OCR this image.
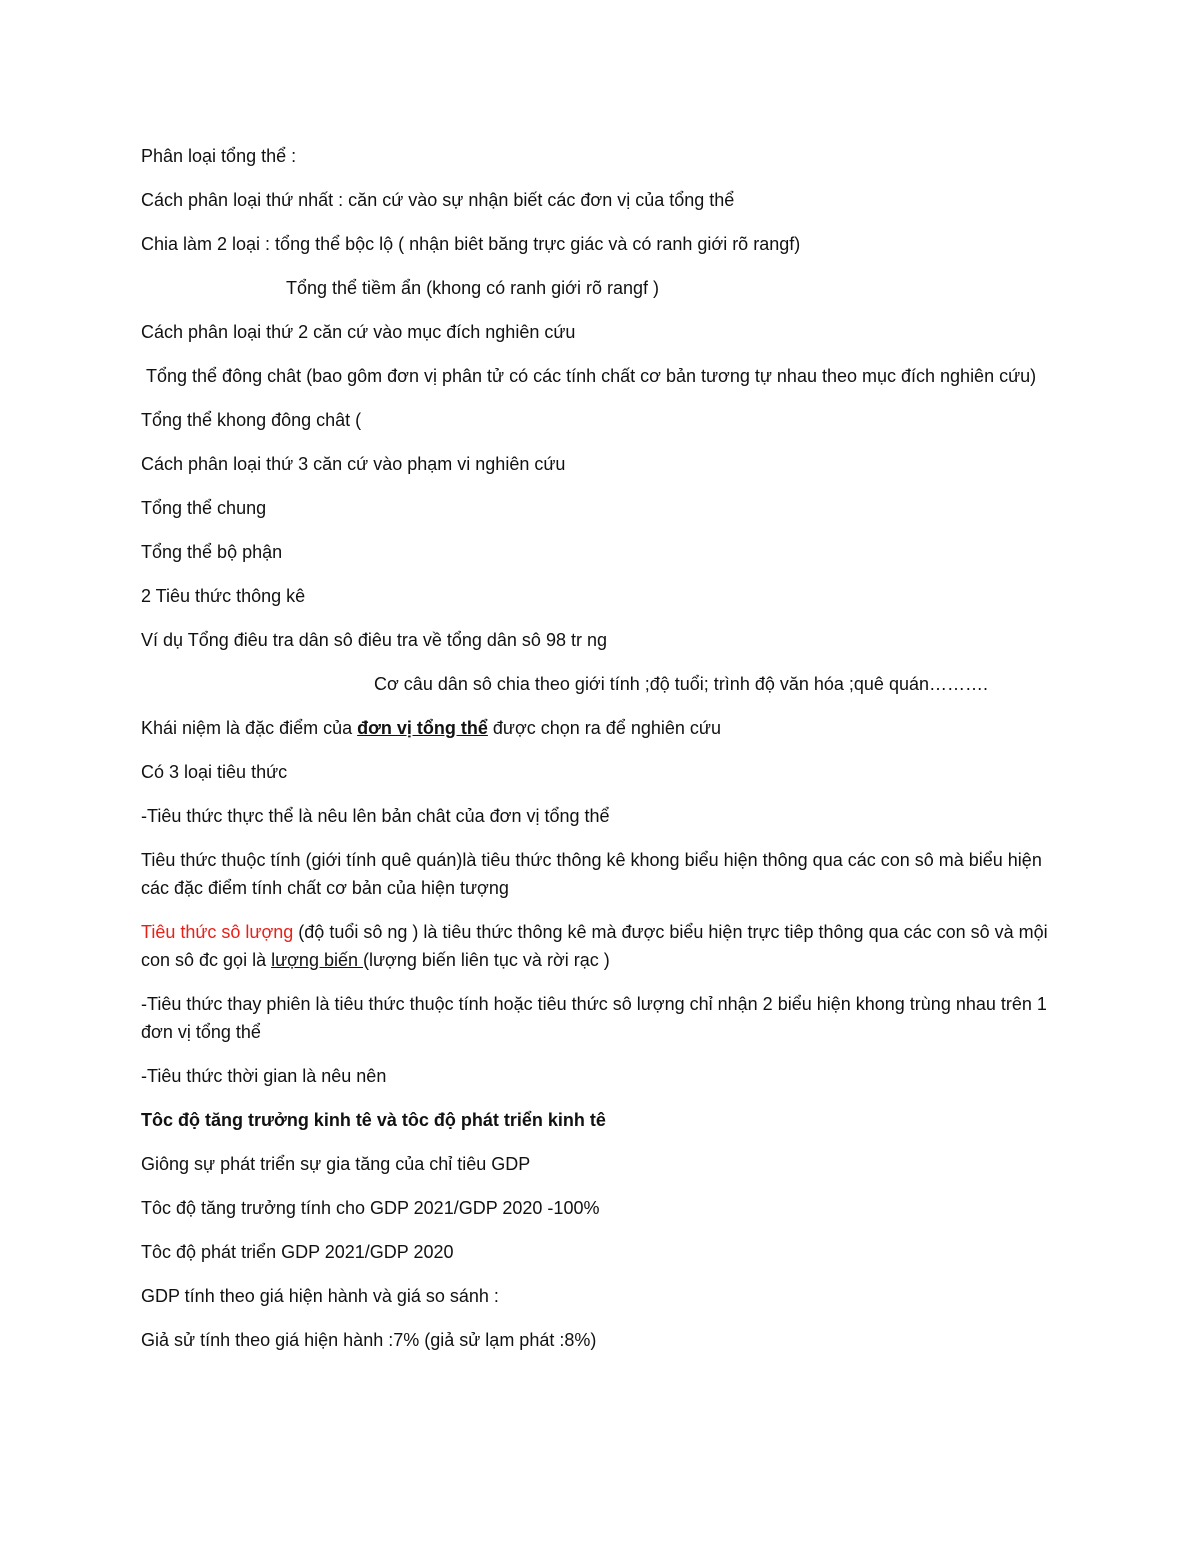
Phân loại tổng thể :

Cách phân loại thứ nhất : căn cứ vào sự nhận biết các đơn vị của tổng thể

Chia làm 2 loại : tổng thể bộc lộ ( nhận biêt băng trực giác và có ranh giới rõ rangf)

Tổng thể tiềm ẩn (khong có ranh giới rõ rangf )

Cách phân loại thứ 2 căn cứ vào mục đích nghiên cứu

Tổng thể đông chât (bao gôm đơn vị phân tử có các tính chất cơ bản tương tự nhau theo mục đích nghiên cứu)

Tổng thể khong đông chât (

Cách phân loại thứ 3 căn cứ vào phạm vi nghiên cứu

Tổng thể chung

Tổng thể bộ phận

2 Tiêu thức thông kê

Ví dụ Tổng điêu tra dân sô điêu tra về tổng dân sô 98 tr ng

Cơ câu dân sô chia theo giới tính ;độ tuổi; trình độ văn hóa ;quê quán……….

Khái niệm là đặc điểm của đơn vị tổng thể được chọn ra để nghiên cứu

Có 3 loại tiêu thức

-Tiêu thức thực thể là nêu lên bản chât của đơn vị tổng thể

Tiêu thức thuộc tính (giới tính quê quán)là tiêu thức thông kê khong biểu hiện thông qua các con sô mà biểu hiện các đặc điểm tính chất cơ bản của hiện tượng

Tiêu thức sô lượng (độ tuổi sô ng ) là tiêu thức thông kê mà được biểu hiện trực tiêp thông qua các con sô và mội con sô đc gọi là lượng biến (lượng biến liên tục và rời rạc )

-Tiêu thức thay phiên là tiêu thức thuộc tính hoặc tiêu thức sô lượng chỉ nhận 2 biểu hiện khong trùng nhau trên 1 đơn vị tổng thể

-Tiêu thức thời gian là nêu nên

Tôc độ tăng trưởng kinh tê và tôc độ phát triển kinh tê

Giông sự phát triển sự gia tăng của chỉ tiêu GDP

Tôc độ tăng trưởng tính cho GDP 2021/GDP 2020 -100%

Tôc độ phát triển GDP 2021/GDP 2020

GDP tính theo giá hiện hành và giá so sánh :

Giả sử tính theo giá hiện hành :7% (giả sử lạm phát :8%)
